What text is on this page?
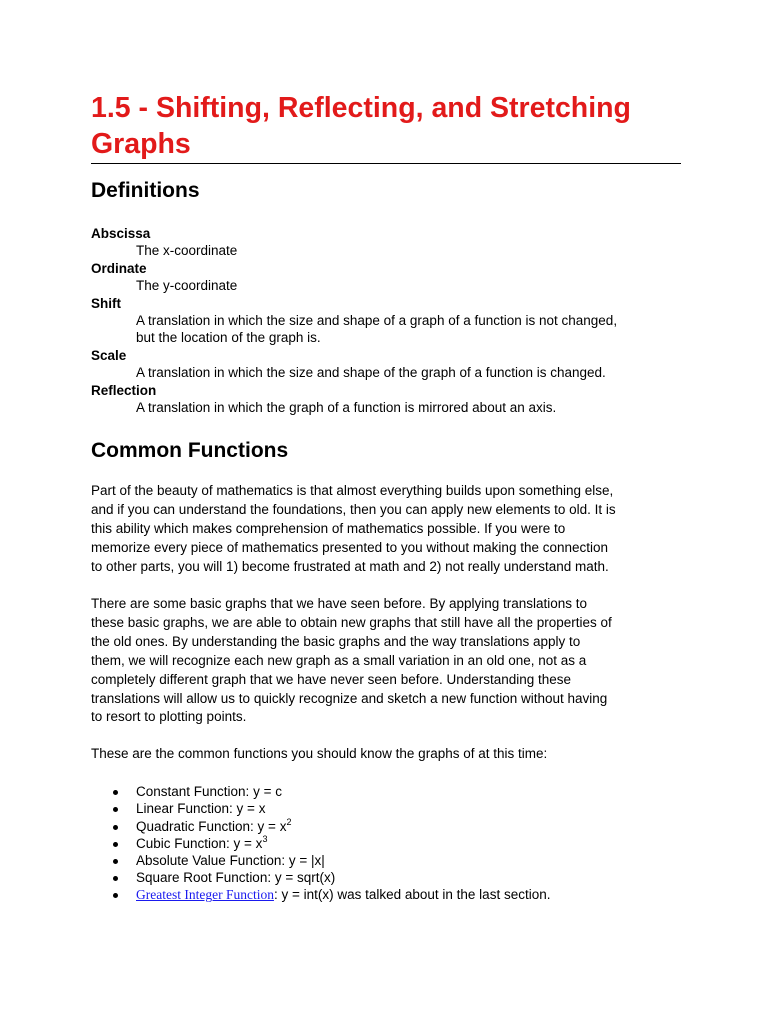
1.5 - Shifting, Reflecting, and Stretching Graphs
Definitions
Abscissa
The x-coordinate
Ordinate
The y-coordinate
Shift
A translation in which the size and shape of a graph of a function is not changed,
but the location of the graph is.
Scale
A translation in which the size and shape of the graph of a function is changed.
Reflection
A translation in which the graph of a function is mirrored about an axis.
Common Functions
Part of the beauty of mathematics is that almost everything builds upon something else,
and if you can understand the foundations, then you can apply new elements to old. It is
this ability which makes comprehension of mathematics possible. If you were to
memorize every piece of mathematics presented to you without making the connection
to other parts, you will 1) become frustrated at math and 2) not really understand math.
There are some basic graphs that we have seen before. By applying translations to
these basic graphs, we are able to obtain new graphs that still have all the properties of
the old ones. By understanding the basic graphs and the way translations apply to
them, we will recognize each new graph as a small variation in an old one, not as a
completely different graph that we have never seen before. Understanding these
translations will allow us to quickly recognize and sketch a new function without having
to resort to plotting points.
These are the common functions you should know the graphs of at this time:
Constant Function: y = c
Linear Function: y = x
Quadratic Function: $y = x^2$
Cubic Function: $y = x^3$
Absolute Value Function: y = |x|
Square Root Function: y = sqrt(x)
Greatest Integer Function: y = int(x) was talked about in the last section.
